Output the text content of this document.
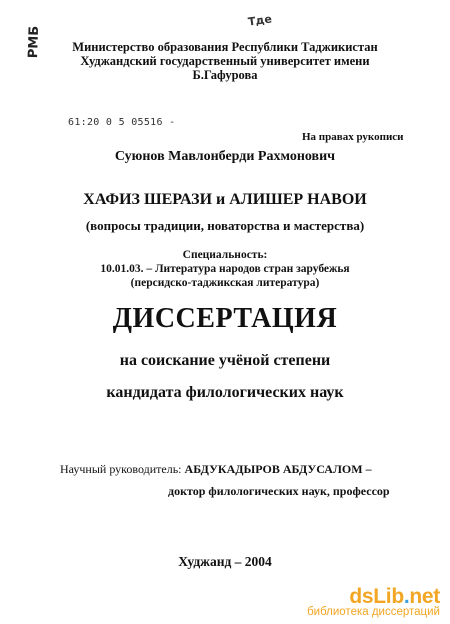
Тде
РМБ
61:20 0 5 05516 -
Министерство образования Республики Таджикистан
Худжандский государственный университет имени
Б.Гафурова
На правах рукописи
Суюнов Мавлонберди Рахмонович
ХАФИЗ ШЕРАЗИ и АЛИШЕР НАВОИ
(вопросы традиции, новаторства и мастерства)
Специальность:
10.01.03. – Литература народов стран зарубежья
(персидско-таджикская литература)
ДИССЕРТАЦИЯ
на соискание учёной степени
кандидата филологических наук
Научный руководитель: АБДУКАДЫРОВ АБДУСАЛОМ –
доктор филологических наук, профессор
Худжанд – 2004
dsLib.net
библиотека диссертаций
